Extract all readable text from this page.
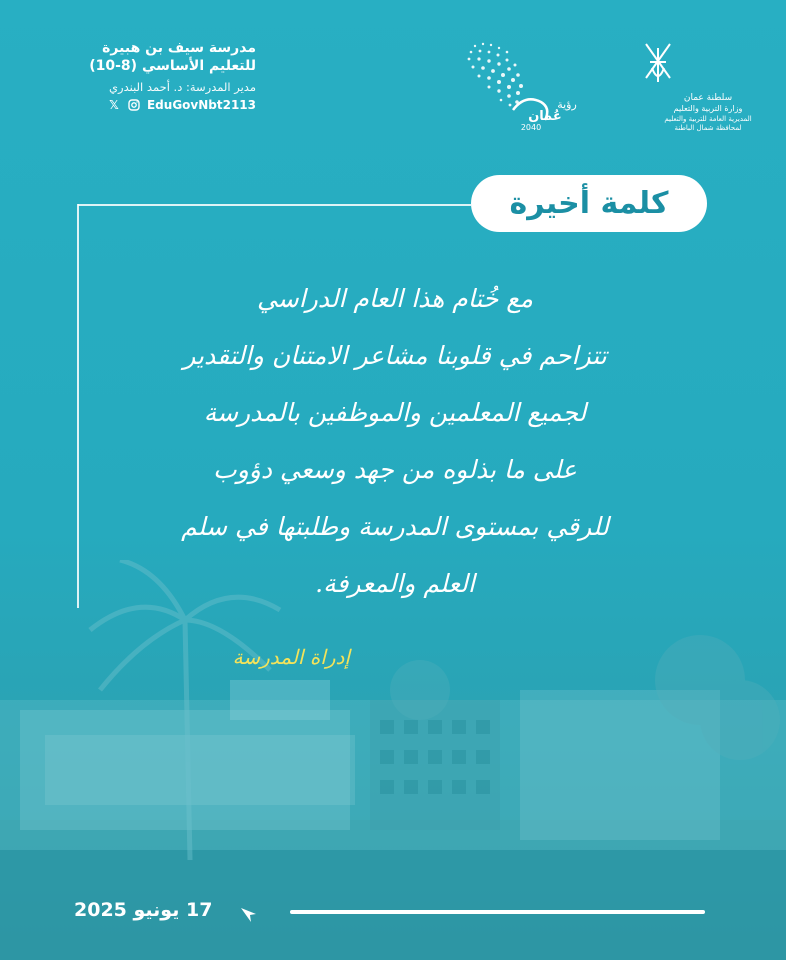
مدرسة سيف بن هبيرة
للتعليم الأساسي (8-10)
مدير المدرسة: د. أحمد البندري
𝕏 EduGovNbt2113	رؤية
عُمان
2040
سلطنة عمان
وزارة التربية والتعليم
المديرية العامة للتربية والتعليم
لمحافظة شمال الباطنة
كلمة أخيرة
مع خُتام هذا العام الدراسي
تتزاحم في قلوبنا مشاعر الامتنان والتقدير
لجميع المعلمين والموظفين بالمدرسة
على ما بذلوه من جهد وسعي دؤوب
للرقي بمستوى المدرسة وطلبتها في سلم
العلم والمعرفة.
إدراة المدرسة
17 يونيو 2025
